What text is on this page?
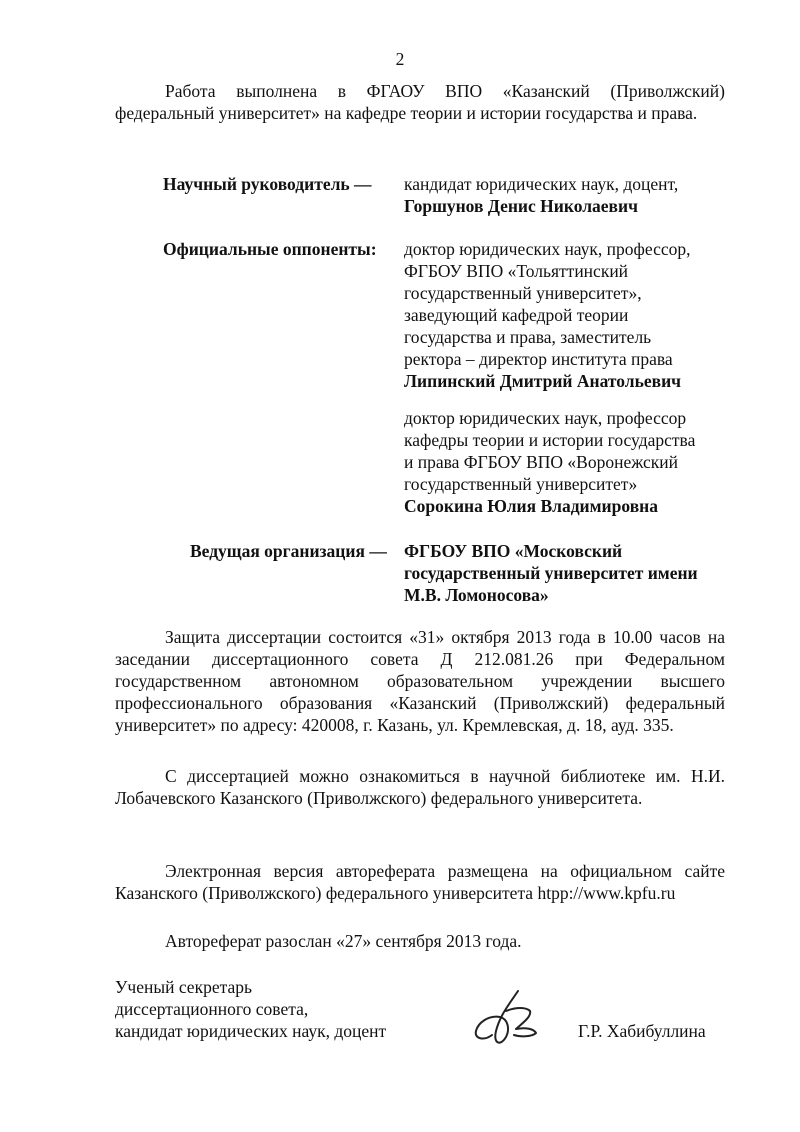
2

Работа выполнена в ФГАОУ ВПО «Казанский (Приволжский) федеральный университет» на кафедре теории и истории государства и права.

Научный руководитель — кандидат юридических наук, доцент,
Горшунов Денис Николаевич
Официальные оппоненты: доктор юридических наук, профессор,
ФГБОУ ВПО «Тольяттинский
государственный университет»,
заведующий кафедрой теории
государства и права, заместитель
ректора – директор института права
Липинский Дмитрий Анатольевич
доктор юридических наук, профессор
кафедры теории и истории государства
и права ФГБОУ ВПО «Воронежский
государственный университет»
Сорокина Юлия Владимировна
Ведущая организация — ФГБОУ ВПО «Московский
государственный университет имени
М.В. Ломоносова»

Защита диссертации состоится «31» октября 2013 года в 10.00 часов на заседании диссертационного совета Д 212.081.26 при Федеральном государственном автономном образовательном учреждении высшего профессионального образования «Казанский (Приволжский) федеральный университет» по адресу: 420008, г. Казань, ул. Кремлевская, д. 18, ауд. 335.

С диссертацией можно ознакомиться в научной библиотеке им. Н.И. Лобачевского Казанского (Приволжского) федерального университета.

Электронная версия автореферата размещена на официальном сайте Казанского (Приволжского) федерального университета htpp://www.kpfu.ru

Автореферат разослан «27» сентября 2013 года.

Ученый секретарь
диссертационного совета,
кандидат юридических наук, доцент	Г.Р. Хабибуллина
